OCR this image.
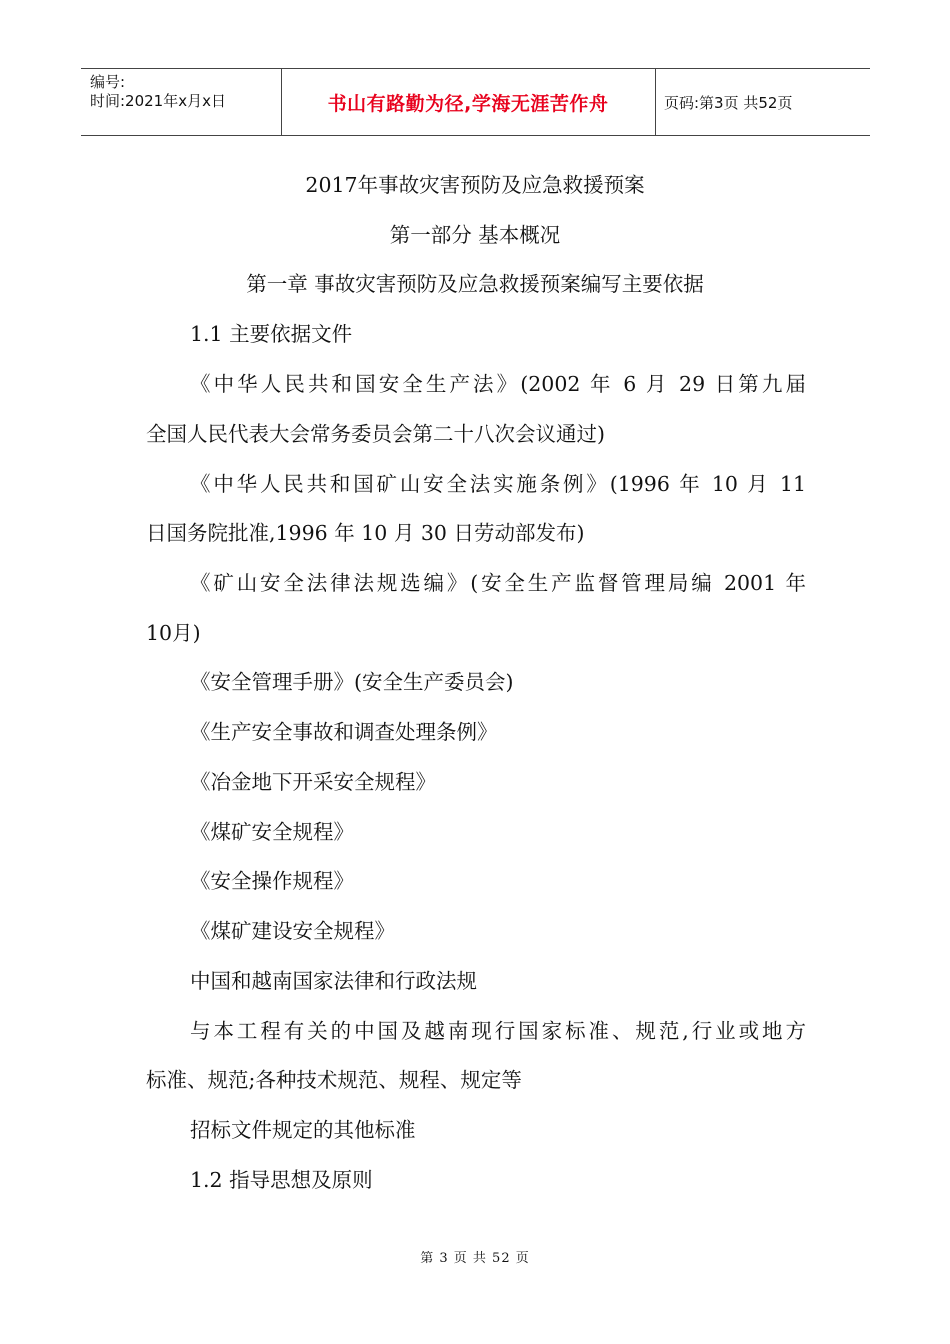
编号:
时间:2021年x月x日	书山有路勤为径,学海无涯苦作舟	页码:第3页 共52页
2017年事故灾害预防及应急救援预案
第一部分 基本概况
第一章 事故灾害预防及应急救援预案编写主要依据
1.1 主要依据文件
《中华人民共和国安全生产法》(2002 年 6 月 29 日第九届
全国人民代表大会常务委员会第二十八次会议通过)
《中华人民共和国矿山安全法实施条例》(1996 年 10 月 11
日国务院批准,1996 年 10 月 30 日劳动部发布)
《矿山安全法律法规选编》(安全生产监督管理局编 2001 年
10月)
《安全管理手册》(安全生产委员会)
《生产安全事故和调查处理条例》
《冶金地下开采安全规程》
《煤矿安全规程》
《安全操作规程》
《煤矿建设安全规程》
中国和越南国家法律和行政法规
与本工程有关的中国及越南现行国家标准、规范,行业或地方
标准、规范;各种技术规范、规程、规定等
招标文件规定的其他标准
1.2 指导思想及原则
第 3 页 共 52 页
